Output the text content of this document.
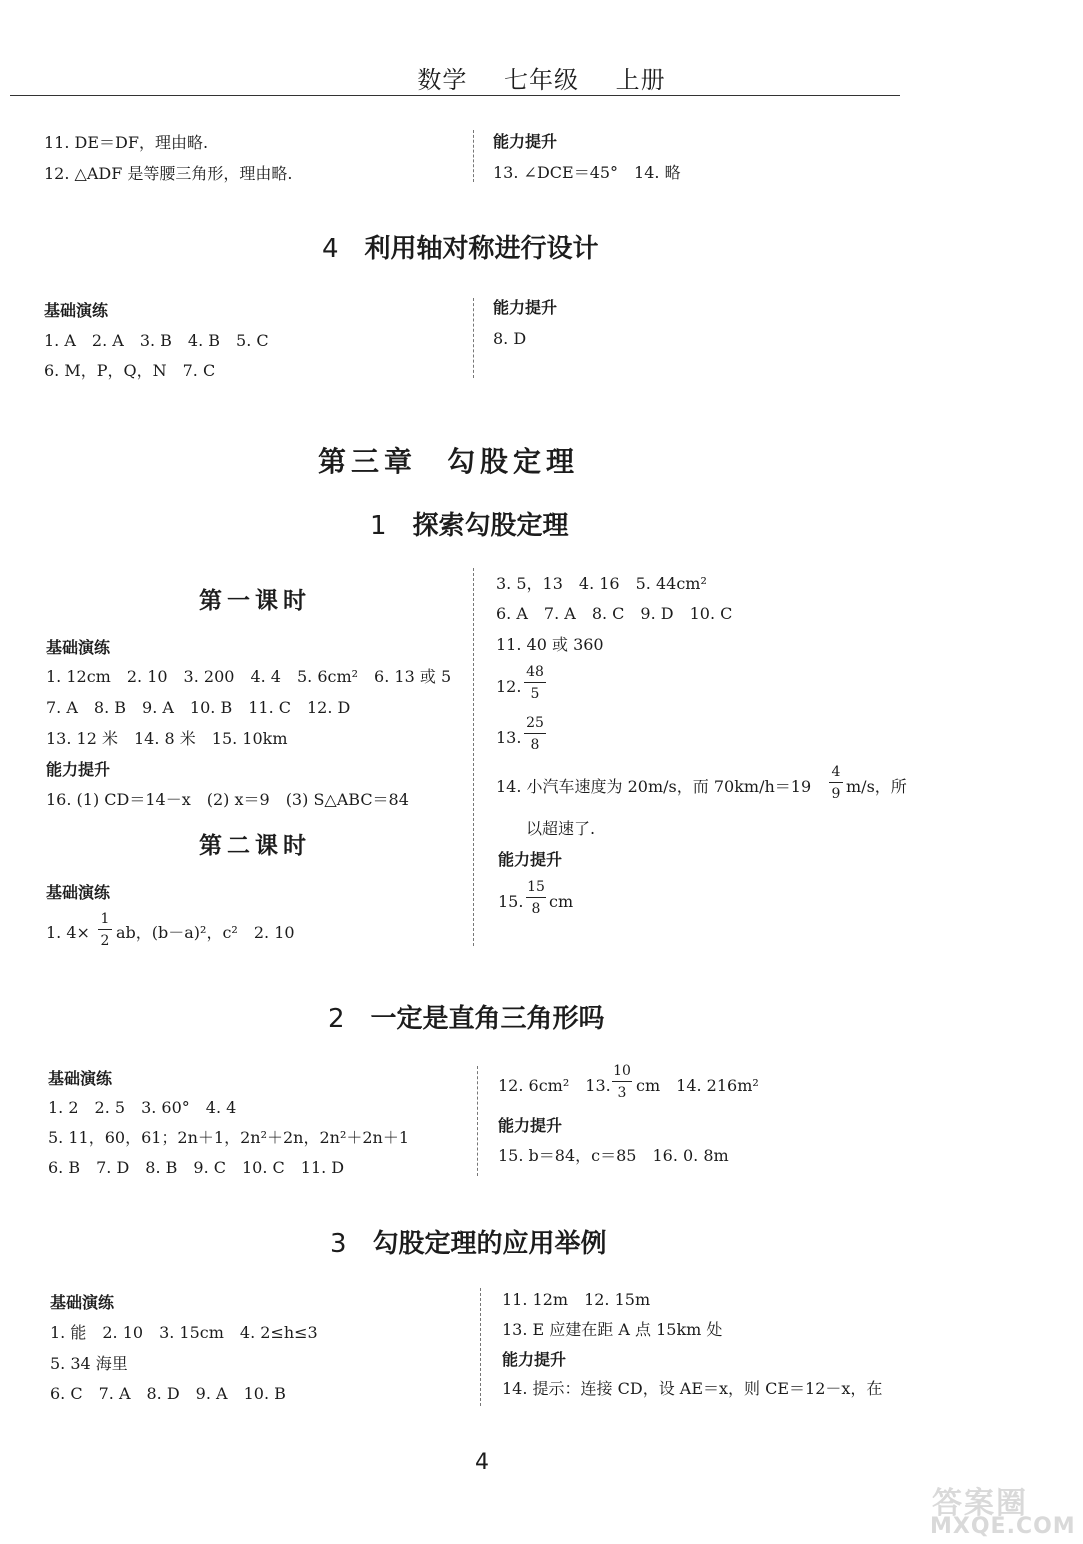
数学 七年级 上册
11. DE＝DF，理由略.
12. △ADF 是等腰三角形，理由略.
能力提升
13. ∠DCE＝45°　14. 略
4 利用轴对称进行设计
基础演练
1. A　2. A　3. B　4. B　5. C
6. M，P，Q，N　7. C
能力提升
8. D
第三章 勾股定理
1 探索勾股定理
第一课时
基础演练
1. 12cm　2. 10　3. 200　4. 4　5. 6cm²　6. 13 或 5
7. A　8. B　9. A　10. B　11. C　12. D
13. 12 米　14. 8 米　15. 10km
能力提升
16. (1) CD＝14－x　(2) x＝9　(3) S△ABC＝84
第二课时
基础演练
1. 4×
1
2 ab，(b－a)²，c²　2. 10
3. 5，13　4. 16　5. 44cm²
6. A　7. A　8. C　9. D　10. C
11. 40 或 360
12.
48
5
13.
25
8
14. 小汽车速度为 20m/s，而 70km/h＝19
4
9 m/s，所
以超速了.
能力提升
15.
15
8 cm
2 一定是直角三角形吗
基础演练
1. 2　2. 5　3. 60°　4. 4
5. 11，60，61；2n＋1，2n²＋2n，2n²＋2n＋1
6. B　7. D　8. B　9. C　10. C　11. D
12. 6cm²　13.
10
3 cm　14. 216m²
能力提升
15. b＝84，c＝85　16. 0. 8m
3 勾股定理的应用举例
基础演练
1. 能　2. 10　3. 15cm　4. 2≤h≤3
5. 34 海里
6. C　7. A　8. D　9. A　10. B
11. 12m　12. 15m
13. E 应建在距 A 点 15km 处
能力提升
14. 提示：连接 CD，设 AE＝x，则 CE＝12－x，在
4
答案圈
MXQE.COM
